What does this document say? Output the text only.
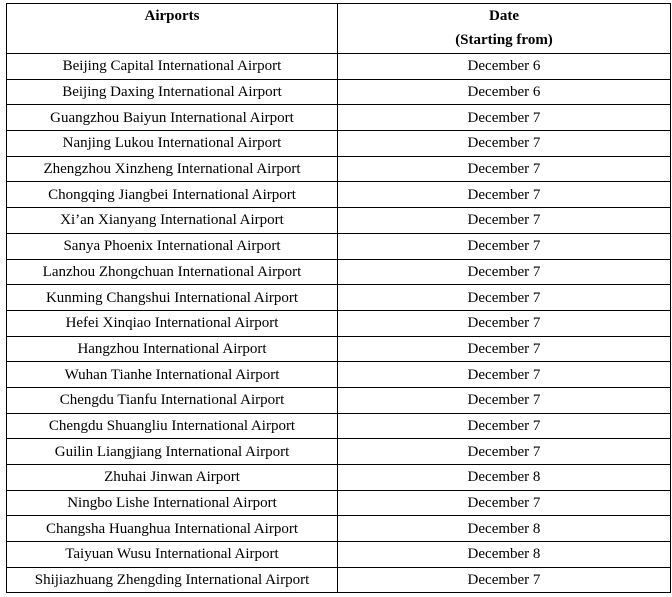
Airports	Date
(Starting from)

Beijing Capital International Airport	December 6
Beijing Daxing International Airport	December 6
Guangzhou Baiyun International Airport	December 7
Nanjing Lukou International Airport	December 7
Zhengzhou Xinzheng International Airport	December 7
Chongqing Jiangbei International Airport	December 7
Xi’an Xianyang International Airport	December 7
Sanya Phoenix International Airport	December 7
Lanzhou Zhongchuan International Airport	December 7
Kunming Changshui International Airport	December 7
Hefei Xinqiao International Airport	December 7
Hangzhou International Airport	December 7
Wuhan Tianhe International Airport	December 7
Chengdu Tianfu International Airport	December 7
Chengdu Shuangliu International Airport	December 7
Guilin Liangjiang International Airport	December 7
Zhuhai Jinwan Airport	December 8
Ningbo Lishe International Airport	December 7
Changsha Huanghua International Airport	December 8
Taiyuan Wusu International Airport	December 8
Shijiazhuang Zhengding International Airport	December 7
